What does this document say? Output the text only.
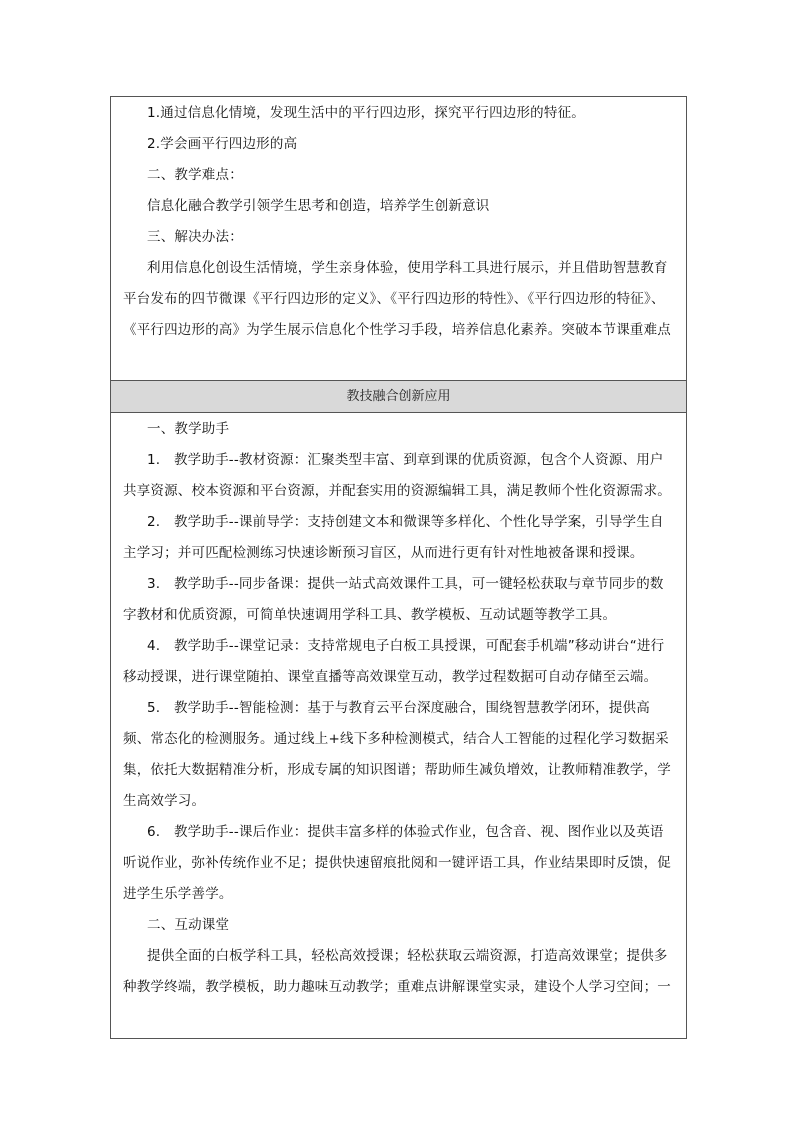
1.通过信息化情境，发现生活中的平行四边形，探究平行四边形的特征。

2.学会画平行四边形的高

二、教学难点：

信息化融合教学引领学生思考和创造，培养学生创新意识

三、解决办法：

利用信息化创设生活情境，学生亲身体验，使用学科工具进行展示，并且借助智慧教育平台发布的四节微课《平行四边形的定义》、《平行四边形的特性》、《平行四边形的特征》、《平行四边形的高》为学生展示信息化个性学习手段，培养信息化素养。突破本节课重难点

教技融合创新应用

一、教学助手

1.　教学助手--教材资源：汇聚类型丰富、到章到课的优质资源，包含个人资源、用户共享资源、校本资源和平台资源，并配套实用的资源编辑工具，满足教师个性化资源需求。

2.　教学助手--课前导学：支持创建文本和微课等多样化、个性化导学案，引导学生自主学习；并可匹配检测练习快速诊断预习盲区，从而进行更有针对性地被备课和授课。

3.　教学助手--同步备课：提供一站式高效课件工具，可一键轻松获取与章节同步的数字教材和优质资源，可简单快速调用学科工具、教学模板、互动试题等教学工具。

4.　教学助手--课堂记录：支持常规电子白板工具授课，可配套手机端”移动讲台“进行移动授课，进行课堂随拍、课堂直播等高效课堂互动，教学过程数据可自动存储至云端。

5.　教学助手--智能检测：基于与教育云平台深度融合，围绕智慧教学闭环，提供高频、常态化的检测服务。通过线上+线下多种检测模式，结合人工智能的过程化学习数据采集，依托大数据精准分析，形成专属的知识图谱；帮助师生减负增效，让教师精准教学，学生高效学习。

6.　教学助手--课后作业：提供丰富多样的体验式作业，包含音、视、图作业以及英语听说作业，弥补传统作业不足；提供快速留痕批阅和一键评语工具，作业结果即时反馈，促进学生乐学善学。

二、互动课堂

提供全面的白板学科工具，轻松高效授课；轻松获取云端资源，打造高效课堂；提供多种教学终端，教学模板，助力趣味互动教学；重难点讲解课堂实录，建设个人学习空间；一
